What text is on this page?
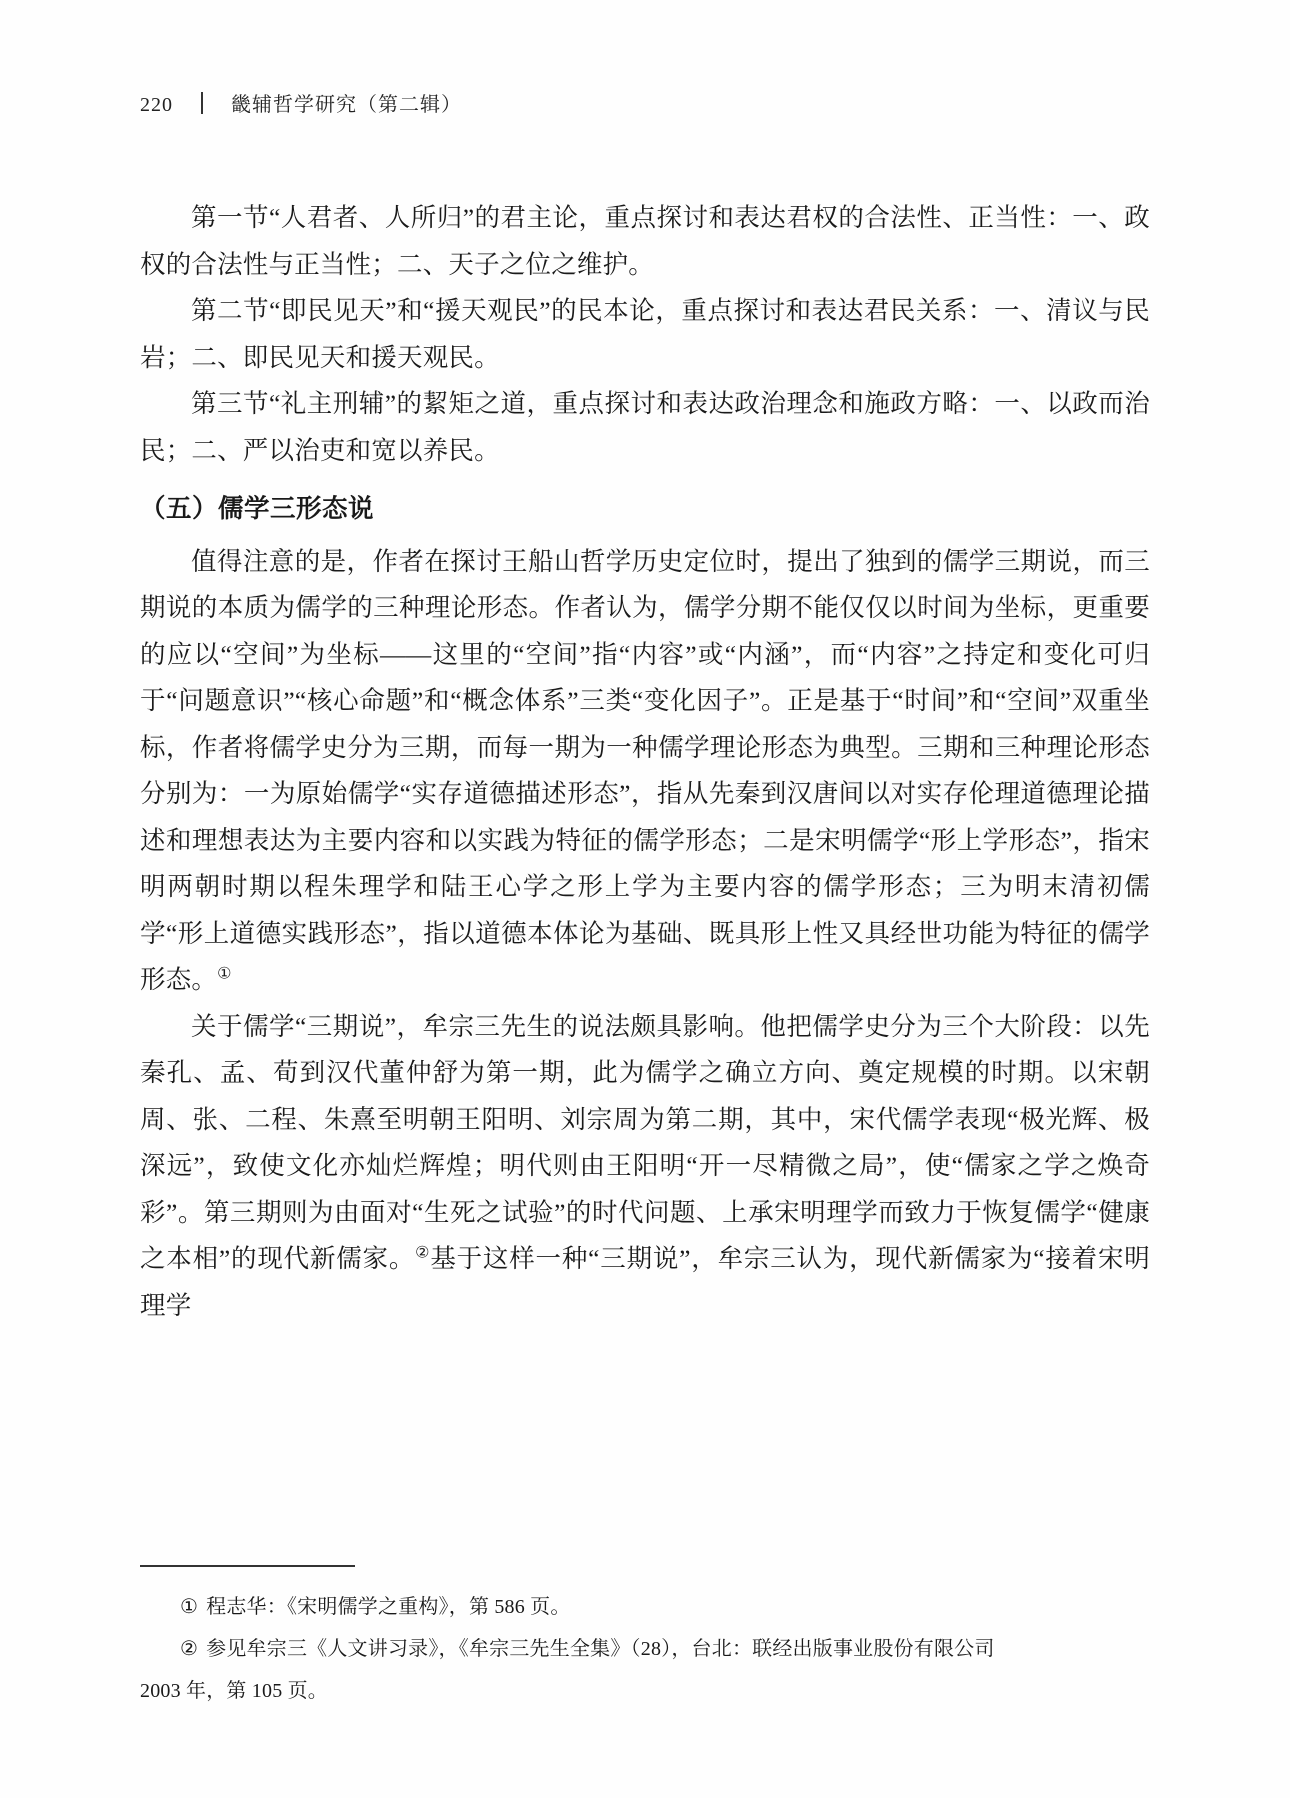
220	畿辅哲学研究（第二辑）

第一节“人君者、人所归”的君主论，重点探讨和表达君权的合法性、正当性：一、政权的合法性与正当性；二、天子之位之维护。

第二节“即民见天”和“援天观民”的民本论，重点探讨和表达君民关系：一、清议与民岩；二、即民见天和援天观民。

第三节“礼主刑辅”的絜矩之道，重点探讨和表达政治理念和施政方略：一、以政而治民；二、严以治吏和宽以养民。

（五）儒学三形态说

值得注意的是，作者在探讨王船山哲学历史定位时，提出了独到的儒学三期说，而三期说的本质为儒学的三种理论形态。作者认为，儒学分期不能仅仅以时间为坐标，更重要的应以“空间”为坐标——这里的“空间”指“内容”或“内涵”，而“内容”之持定和变化可归于“问题意识”“核心命题”和“概念体系”三类“变化因子”。正是基于“时间”和“空间”双重坐标，作者将儒学史分为三期，而每一期为一种儒学理论形态为典型。三期和三种理论形态分别为：一为原始儒学“实存道德描述形态”，指从先秦到汉唐间以对实存伦理道德理论描述和理想表达为主要内容和以实践为特征的儒学形态；二是宋明儒学“形上学形态”，指宋明两朝时期以程朱理学和陆王心学之形上学为主要内容的儒学形态；三为明末清初儒学“形上道德实践形态”，指以道德本体论为基础、既具形上性又具经世功能为特征的儒学形态。①

关于儒学“三期说”，牟宗三先生的说法颇具影响。他把儒学史分为三个大阶段：以先秦孔、孟、荀到汉代董仲舒为第一期，此为儒学之确立方向、奠定规模的时期。以宋朝周、张、二程、朱熹至明朝王阳明、刘宗周为第二期，其中，宋代儒学表现“极光辉、极深远”，致使文化亦灿烂辉煌；明代则由王阳明“开一尽精微之局”，使“儒家之学之焕奇彩”。第三期则为由面对“生死之试验”的时代问题、上承宋明理学而致力于恢复儒学“健康之本相”的现代新儒家。②基于这样一种“三期说”，牟宗三认为，现代新儒家为“接着宋明理学

① 程志华：《宋明儒学之重构》，第 586 页。

② 参见牟宗三《人文讲习录》，《牟宗三先生全集》（28），台北：联经出版事业股份有限公司

2003 年，第 105 页。
